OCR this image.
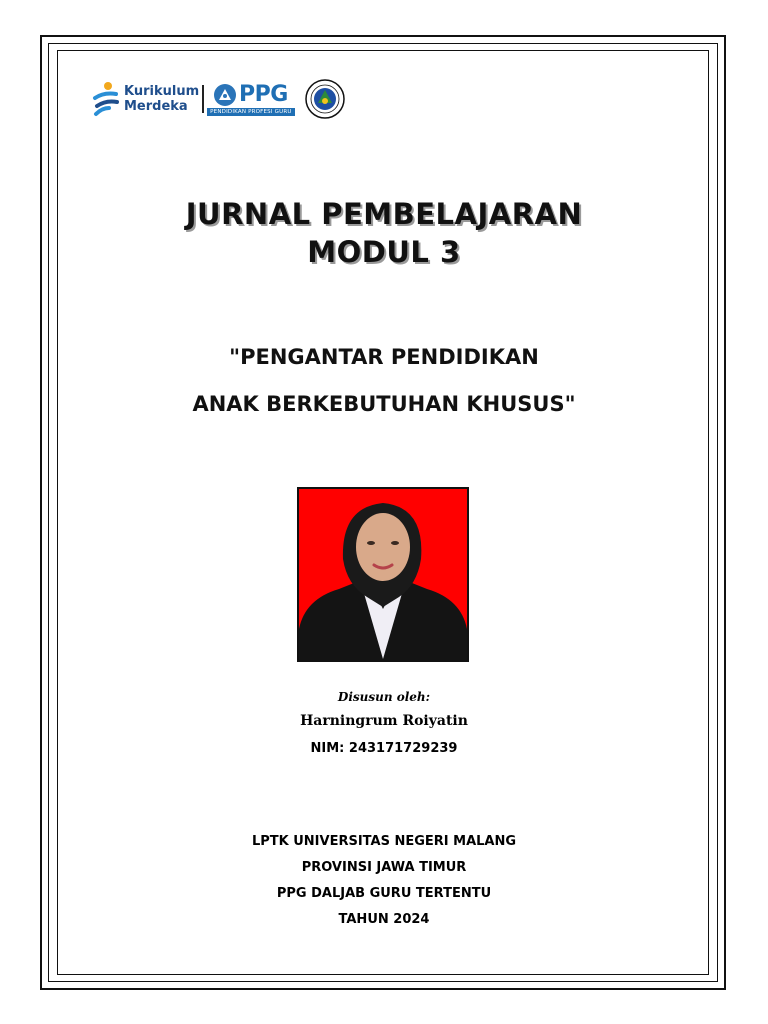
Kurikulum
Merdeka	PPG
PENDIDIKAN PROFESI GURU
JURNAL PEMBELAJARAN
MODUL 3
"PENGANTAR PENDIDIKAN
ANAK BERKEBUTUHAN KHUSUS"
Disusun oleh:
Harningrum Roiyatin
NIM: 243171729239
LPTK UNIVERSITAS NEGERI MALANG
PROVINSI JAWA TIMUR
PPG DALJAB GURU TERTENTU
TAHUN 2024
